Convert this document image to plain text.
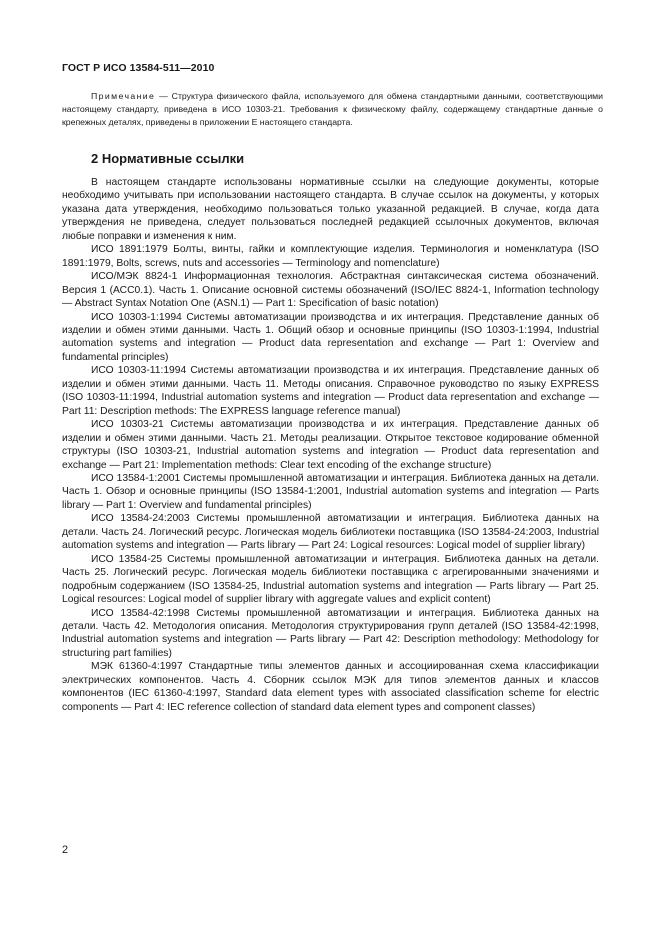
ГОСТ Р ИСО 13584-511—2010

Примечание — Структура физического файла, используемого для обмена стандартными данными, соответствующими настоящему стандарту, приведена в ИСО 10303-21. Требования к физическому файлу, содержащему стандартные данные о крепежных деталях, приведены в приложении Е настоящего стандарта.

2 Нормативные ссылки

В настоящем стандарте использованы нормативные ссылки на следующие документы, которые необходимо учитывать при использовании настоящего стандарта. В случае ссылок на документы, у которых указана дата утверждения, необходимо пользоваться только указанной редакцией. В случае, когда дата утверждения не приведена, следует пользоваться последней редакцией ссылочных документов, включая любые поправки и изменения к ним.

ИСО 1891:1979 Болты, винты, гайки и комплектующие изделия. Терминология и номенклатура (ISO 1891:1979, Bolts, screws, nuts and accessories — Terminology and nomenclature)

ИСО/МЭК 8824-1 Информационная технология. Абстрактная синтаксическая система обозначений. Версия 1 (АСС0.1). Часть 1. Описание основной системы обозначений (ISO/IEC 8824-1, Information technology — Abstract Syntax Notation One (ASN.1) — Part 1: Specification of basic notation)

ИСО 10303-1:1994 Системы автоматизации производства и их интеграция. Представление данных об изделии и обмен этими данными. Часть 1. Общий обзор и основные принципы (ISO 10303-1:1994, Industrial automation systems and integration — Product data representation and exchange — Part 1: Overview and fundamental principles)

ИСО 10303-11:1994 Системы автоматизации производства и их интеграция. Представление данных об изделии и обмен этими данными. Часть 11. Методы описания. Справочное руководство по языку EXPRESS (ISO 10303-11:1994, Industrial automation systems and integration — Product data representation and exchange — Part 11: Description methods: The EXPRESS language reference manual)

ИСО 10303-21 Системы автоматизации производства и их интеграция. Представление данных об изделии и обмен этими данными. Часть 21. Методы реализации. Открытое текстовое кодирование обменной структуры (ISO 10303-21, Industrial automation systems and integration — Product data representation and exchange — Part 21: Implementation methods: Clear text encoding of the exchange structure)

ИСО 13584-1:2001 Системы промышленной автоматизации и интеграция. Библиотека данных на детали. Часть 1. Обзор и основные принципы (ISO 13584-1:2001, Industrial automation systems and integration — Parts library — Part 1: Overview and fundamental principles)

ИСО 13584-24:2003 Системы промышленной автоматизации и интеграция. Библиотека данных на детали. Часть 24. Логический ресурс. Логическая модель библиотеки поставщика (ISO 13584-24:2003, Industrial automation systems and integration — Parts library — Part 24: Logical resources: Logical model of supplier library)

ИСО 13584-25 Системы промышленной автоматизации и интеграция. Библиотека данных на детали. Часть 25. Логический ресурс. Логическая модель библиотеки поставщика с агрегированными значениями и подробным содержанием (ISO 13584-25, Industrial automation systems and integration — Parts library — Part 25. Logical resources: Logical model of supplier library with aggregate values and explicit content)

ИСО 13584-42:1998 Системы промышленной автоматизации и интеграция. Библиотека данных на детали. Часть 42. Методология описания. Методология структурирования групп деталей (ISO 13584-42:1998, Industrial automation systems and integration — Parts library — Part 42: Description methodology: Methodology for structuring part families)

МЭК 61360-4:1997 Стандартные типы элементов данных и ассоциированная схема классификации электрических компонентов. Часть 4. Сборник ссылок МЭК для типов элементов данных и классов компонентов (IEC 61360-4:1997, Standard data element types with associated classification scheme for electric components — Part 4: IEC reference collection of standard data element types and component classes)

2
